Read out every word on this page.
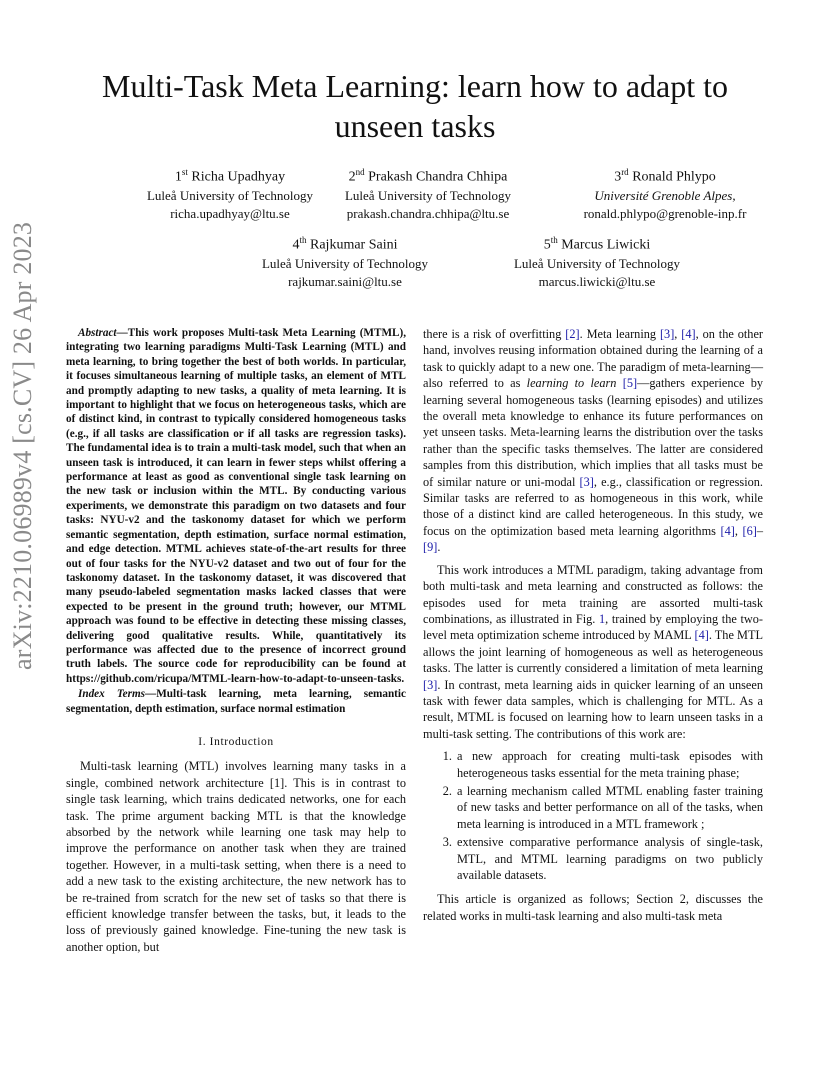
arXiv:2210.06989v4 [cs.CV] 26 Apr 2023
Multi-Task Meta Learning: learn how to adapt to unseen tasks
1st Richa Upadhyay
Luleå University of Technology
richa.upadhyay@ltu.se
2nd Prakash Chandra Chhipa
Luleå University of Technology
prakash.chandra.chhipa@ltu.se
3rd Ronald Phlypo
Université Grenoble Alpes,
ronald.phlypo@grenoble-inp.fr
4th Rajkumar Saini
Luleå University of Technology
rajkumar.saini@ltu.se
5th Marcus Liwicki
Luleå University of Technology
marcus.liwicki@ltu.se

Abstract—This work proposes Multi-task Meta Learning (MTML), integrating two learning paradigms Multi-Task Learning (MTL) and meta learning, to bring together the best of both worlds. In particular, it focuses simultaneous learning of multiple tasks, an element of MTL and promptly adapting to new tasks, a quality of meta learning. It is important to highlight that we focus on heterogeneous tasks, which are of distinct kind, in contrast to typically considered homogeneous tasks (e.g., if all tasks are classification or if all tasks are regression tasks). The fundamental idea is to train a multi-task model, such that when an unseen task is introduced, it can learn in fewer steps whilst offering a performance at least as good as conventional single task learning on the new task or inclusion within the MTL. By conducting various experiments, we demonstrate this paradigm on two datasets and four tasks: NYU-v2 and the taskonomy dataset for which we perform semantic segmentation, depth estimation, surface normal estimation, and edge detection. MTML achieves state-of-the-art results for three out of four tasks for the NYU-v2 dataset and two out of four for the taskonomy dataset. In the taskonomy dataset, it was discovered that many pseudo-labeled segmentation masks lacked classes that were expected to be present in the ground truth; however, our MTML approach was found to be effective in detecting these missing classes, delivering good qualitative results. While, quantitatively its performance was affected due to the presence of incorrect ground truth labels. The source code for reproducibility can be found at https://github.com/ricupa/MTML-learn-how-to-adapt-to-unseen-tasks.

Index Terms—Multi-task learning, meta learning, semantic segmentation, depth estimation, surface normal estimation

I. Introduction

Multi-task learning (MTL) involves learning many tasks in a single, combined network architecture [1]. This is in contrast to single task learning, which trains dedicated networks, one for each task. The prime argument backing MTL is that the knowledge absorbed by the network while learning one task may help to improve the performance on another task when they are trained together. However, in a multi-task setting, when there is a need to add a new task to the existing architecture, the new network has to be re-trained from scratch for the new set of tasks so that there is efficient knowledge transfer between the tasks, but, it leads to the loss of previously gained knowledge. Fine-tuning the new task is another option, but

there is a risk of overfitting [2]. Meta learning [3], [4], on the other hand, involves reusing information obtained during the learning of a task to quickly adapt to a new one. The paradigm of meta-learning—also referred to as learning to learn [5]—gathers experience by learning several homogeneous tasks (learning episodes) and utilizes the overall meta knowledge to enhance its future performances on yet unseen tasks. Meta-learning learns the distribution over the tasks rather than the specific tasks themselves. The latter are considered samples from this distribution, which implies that all tasks must be of similar nature or uni-modal [3], e.g., classification or regression. Similar tasks are referred to as homogeneous in this work, while those of a distinct kind are called heterogeneous. In this study, we focus on the optimization based meta learning algorithms [4], [6]–[9].

This work introduces a MTML paradigm, taking advantage from both multi-task and meta learning and constructed as follows: the episodes used for meta training are assorted multi-task combinations, as illustrated in Fig. 1, trained by employing the two-level meta optimization scheme introduced by MAML [4]. The MTL allows the joint learning of homogeneous as well as heterogeneous tasks. The latter is currently considered a limitation of meta learning [3]. In contrast, meta learning aids in quicker learning of an unseen task with fewer data samples, which is challenging for MTL. As a result, MTML is focused on learning how to learn unseen tasks in a multi-task setting. The contributions of this work are:

1. a new approach for creating multi-task episodes with heterogeneous tasks essential for the meta training phase;
2. a learning mechanism called MTML enabling faster training of new tasks and better performance on all of the tasks, when meta learning is introduced in a MTL framework ;
3. extensive comparative performance analysis of single-task, MTL, and MTML learning paradigms on two publicly available datasets.

This article is organized as follows; Section 2, discusses the related works in multi-task learning and also multi-task meta
